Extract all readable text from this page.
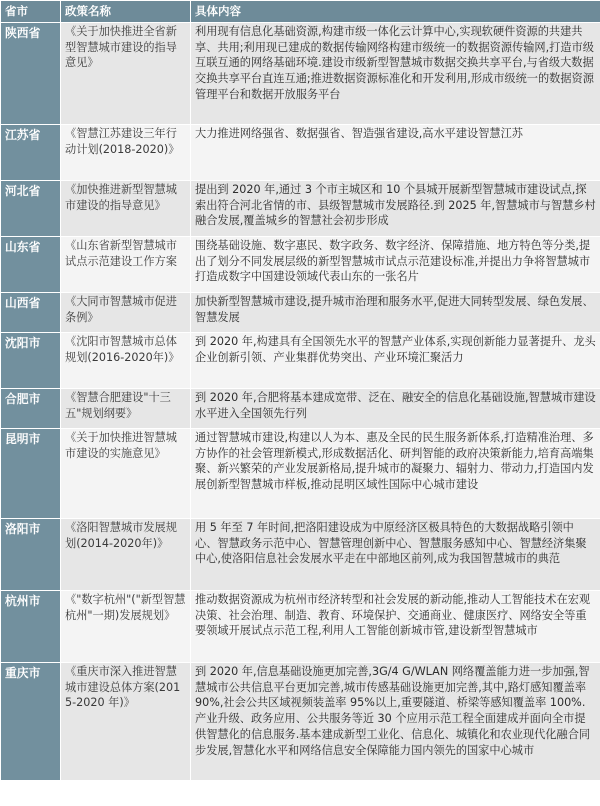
省市	政策名称	具体内容
陕西省	《关于加快推进全省新型智慧城市建设的指导意见》	利用现有信息化基础资源,构建市级一体化云计算中心,实现软硬件资源的共建共享、共用;利用现已建成的数据传输网络构建市级统一的数据资源传输网,打造市级互联互通的网络基础环境.建设市级新型智慧城市数据交换共享平台,与省级大数据交换共享平台直连互通;推进数据资源标准化和开发利用,形成市级统一的数据资源管理平台和数据开放服务平台
江苏省	《智慧江苏建设三年行动计划(2018-2020)》	大力推进网络强省、数据强省、智造强省建设,高水平建设智慧江苏
河北省	《加快推进新型智慧城市建设的指导意见》	提出到 2020 年,通过 3 个市主城区和 10 个县城开展新型智慧城市建设试点,探索出符合河北省情的市、县级智慧城市发展路径.到 2025 年,智慧城市与智慧乡村融合发展,覆盖城乡的智慧社会初步形成
山东省	《山东省新型智慧城市试点示范建设工作方案	围绕基础设施、数字惠民、数字政务、数字经济、保障措施、地方特色等分类,提出了划分不同发展层级的新型智慧城市试点示范建设标准,并提出力争将智慧城市打造成数字中国建设领域代表山东的一张名片
山西省	《大同市智慧城市促进条例》	加快新型智慧城市建设,提升城市治理和服务水平,促进大同转型发展、绿色发展、智慧发展
沈阳市	《沈阳市智慧城市总体规划(2016-2020年)》	到 2020 年,构建具有全国领先水平的智慧产业体系,实现创新能力显著提升、龙头企业创新引领、产业集群优势突出、产业环境汇聚活力
合肥市	《智慧合肥建设"十三五"规划纲要》	到 2020 年,合肥将基本建成宽带、泛在、融安全的信息化基础设施,智慧城市建设水平进入全国领先行列
昆明市	《关于加快推进智慧城市建设的实施意见》	通过智慧城市建设,构建以人为本、惠及全民的民生服务新体系,打造精准治理、多方协作的社会管理新模式,形成数据活化、研判智能的政府决策新能力,培育高端集聚、新兴繁荣的产业发展新格局,提升城市的凝聚力、辐射力、带动力,打造国内发展创新型智慧城市样板,推动昆明区域性国际中心城市建设
洛阳市	《洛阳智慧城市发展规划(2014-2020年)》	用 5 年至 7 年时间,把洛阳建设成为中原经济区极具特色的大数据战略引领中心、智慧政务示范中心、智慧管理创新中心、智慧服务感知中心、智慧经济集聚中心,使洛阳信息社会发展水平走在中部地区前列,成为我国智慧城市的典范
杭州市	《"数字杭州"("新型智慧杭州"一期)发展规划》	推动数据资源成为杭州市经济转型和社会发展的新动能,推动人工智能技术在宏观决策、社会治理、制造、教育、环境保护、交通商业、健康医疗、网络安全等重要领域开展试点示范工程,利用人工智能创新城市管,建设新型智慧城市
重庆市	《重庆市深入推进智慧城市建设总体方案(2015-2020 年)》	到 2020 年,信息基础设施更加完善,3G/4 G/WLAN 网络覆盖能力进一步加强,智慧城市公共信息平台更加完善,城市传感基础设施更加完善,其中,路灯感知覆盖率 90%,社会公共区域视频装盖率 95%以上,重要隧道、桥梁等感知覆盖率 100%.产业升级、政务应用、公共服务等近 30 个应用示范工程全面建成并面向全市提供智慧化的信息服务.基本建成新型工业化、信息化、城镇化和农业现代化融合同步发展,智慧化水平和网络信息安全保障能力国内领先的国家中心城市
